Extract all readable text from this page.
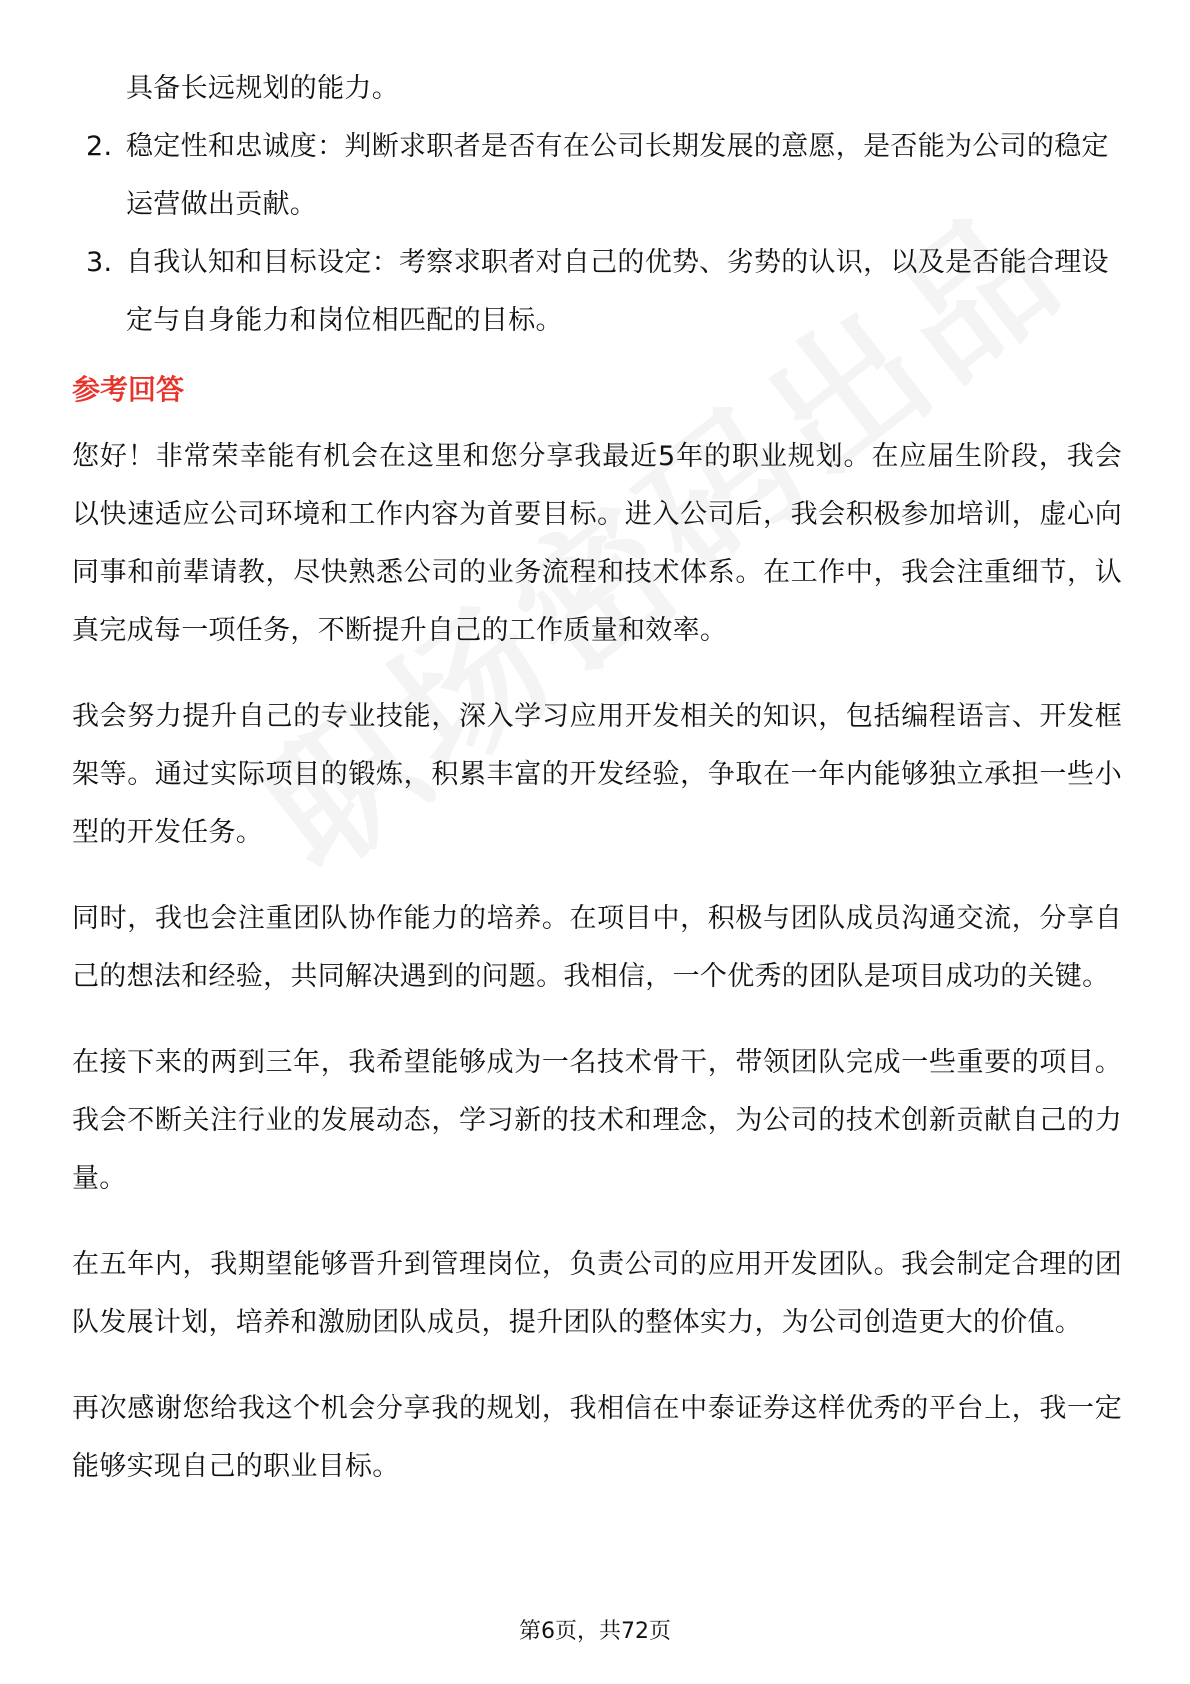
具备长远规划的能力。
2. 稳定性和忠诚度：判断求职者是否有在公司长期发展的意愿，是否能为公司的稳定运营做出贡献。
3. 自我认知和目标设定：考察求职者对自己的优势、劣势的认识，以及是否能合理设定与自身能力和岗位相匹配的目标。
参考回答

您好！非常荣幸能有机会在这里和您分享我最近5年的职业规划。在应届生阶段，我会以快速适应公司环境和工作内容为首要目标。进入公司后，我会积极参加培训，虚心向同事和前辈请教，尽快熟悉公司的业务流程和技术体系。在工作中，我会注重细节，认真完成每一项任务，不断提升自己的工作质量和效率。

我会努力提升自己的专业技能，深入学习应用开发相关的知识，包括编程语言、开发框架等。通过实际项目的锻炼，积累丰富的开发经验，争取在一年内能够独立承担一些小型的开发任务。

同时，我也会注重团队协作能力的培养。在项目中，积极与团队成员沟通交流，分享自己的想法和经验，共同解决遇到的问题。我相信，一个优秀的团队是项目成功的关键。

在接下来的两到三年，我希望能够成为一名技术骨干，带领团队完成一些重要的项目。我会不断关注行业的发展动态，学习新的技术和理念，为公司的技术创新贡献自己的力量。

在五年内，我期望能够晋升到管理岗位，负责公司的应用开发团队。我会制定合理的团队发展计划，培养和激励团队成员，提升团队的整体实力，为公司创造更大的价值。

再次感谢您给我这个机会分享我的规划，我相信在中泰证券这样优秀的平台上，我一定能够实现自己的职业目标。

第6页，共72页
